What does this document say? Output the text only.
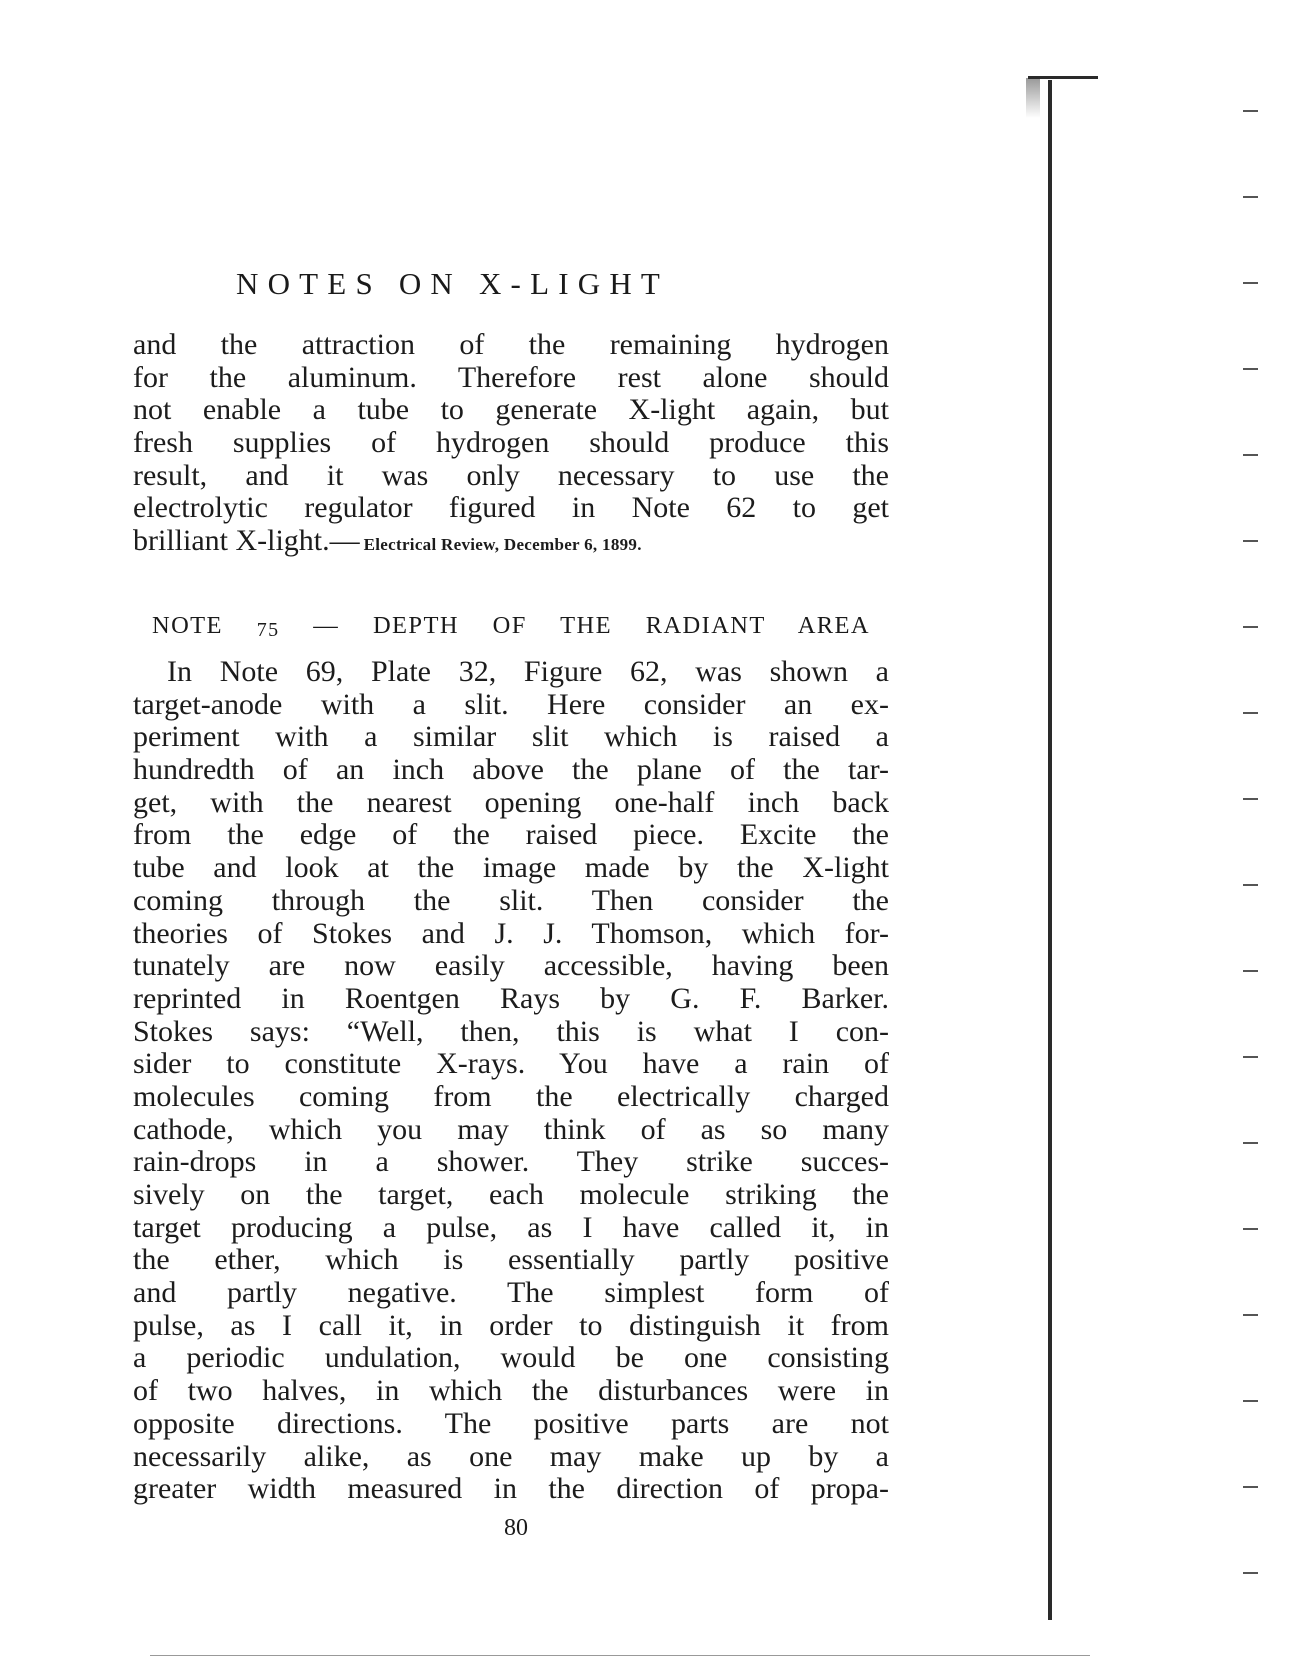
NOTES ON X-LIGHT
and the attraction of the remaining hydrogen
for the aluminum. Therefore rest alone should
not enable a tube to generate X-light again, but
fresh supplies of hydrogen should produce this
result, and it was only necessary to use the
electrolytic regulator figured in Note 62 to get
brilliant X-light.— Electrical Review, December 6, 1899.
NOTE 75 — DEPTH OF THE RADIANT AREA
In Note 69, Plate 32, Figure 62, was shown a
target-anode with a slit. Here consider an ex-
periment with a similar slit which is raised a
hundredth of an inch above the plane of the tar-
get, with the nearest opening one-half inch back
from the edge of the raised piece. Excite the
tube and look at the image made by the X-light
coming through the slit. Then consider the
theories of Stokes and J. J. Thomson, which for-
tunately are now easily accessible, having been
reprinted in Roentgen Rays by G. F. Barker.
Stokes says: “Well, then, this is what I con-
sider to constitute X-rays. You have a rain of
molecules coming from the electrically charged
cathode, which you may think of as so many
rain-drops in a shower. They strike succes-
sively on the target, each molecule striking the
target producing a pulse, as I have called it, in
the ether, which is essentially partly positive
and partly negative. The simplest form of
pulse, as I call it, in order to distinguish it from
a periodic undulation, would be one consisting
of two halves, in which the disturbances were in
opposite directions. The positive parts are not
necessarily alike, as one may make up by a
greater width measured in the direction of propa-
80
